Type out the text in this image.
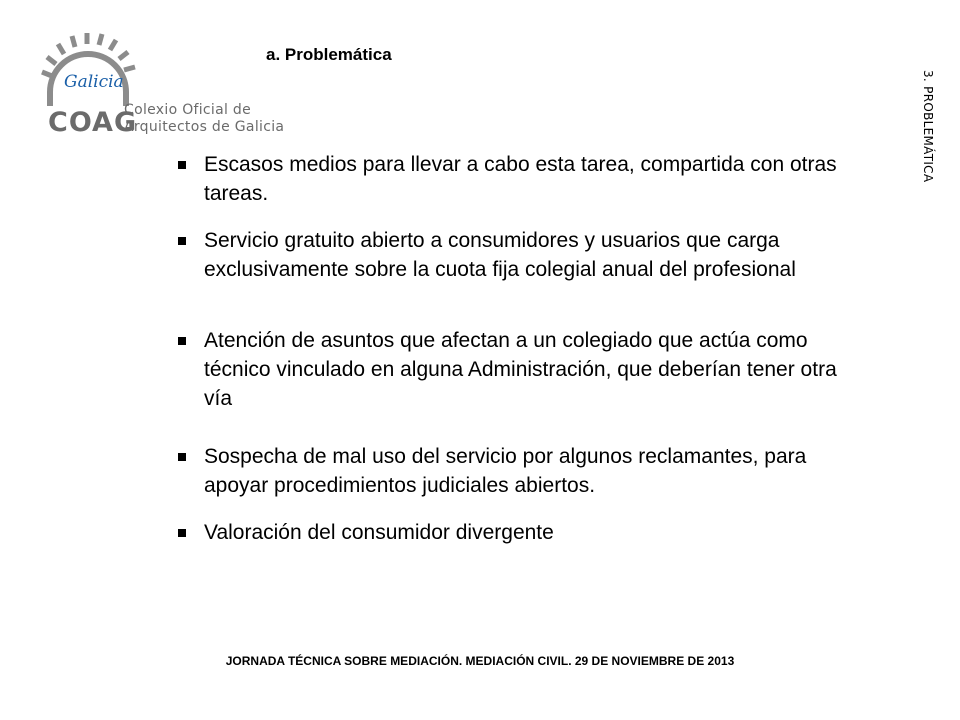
Galicia
COAG
Colexio Oficial de
Arquitectos de Galicia
a. Problemática
3. PROBLEMÁTICA
Escasos medios para llevar a cabo esta tarea, compartida con otras tareas.
Servicio gratuito abierto a consumidores y usuarios que carga exclusivamente sobre la cuota fija colegial anual del profesional
Atención de asuntos que afectan a un colegiado que actúa como técnico vinculado en alguna Administración, que deberían tener otra vía
Sospecha de mal uso del servicio por algunos reclamantes, para apoyar procedimientos judiciales abiertos.
Valoración del consumidor divergente
JORNADA TÉCNICA SOBRE MEDIACIÓN. MEDIACIÓN CIVIL. 29 DE NOVIEMBRE DE 2013
